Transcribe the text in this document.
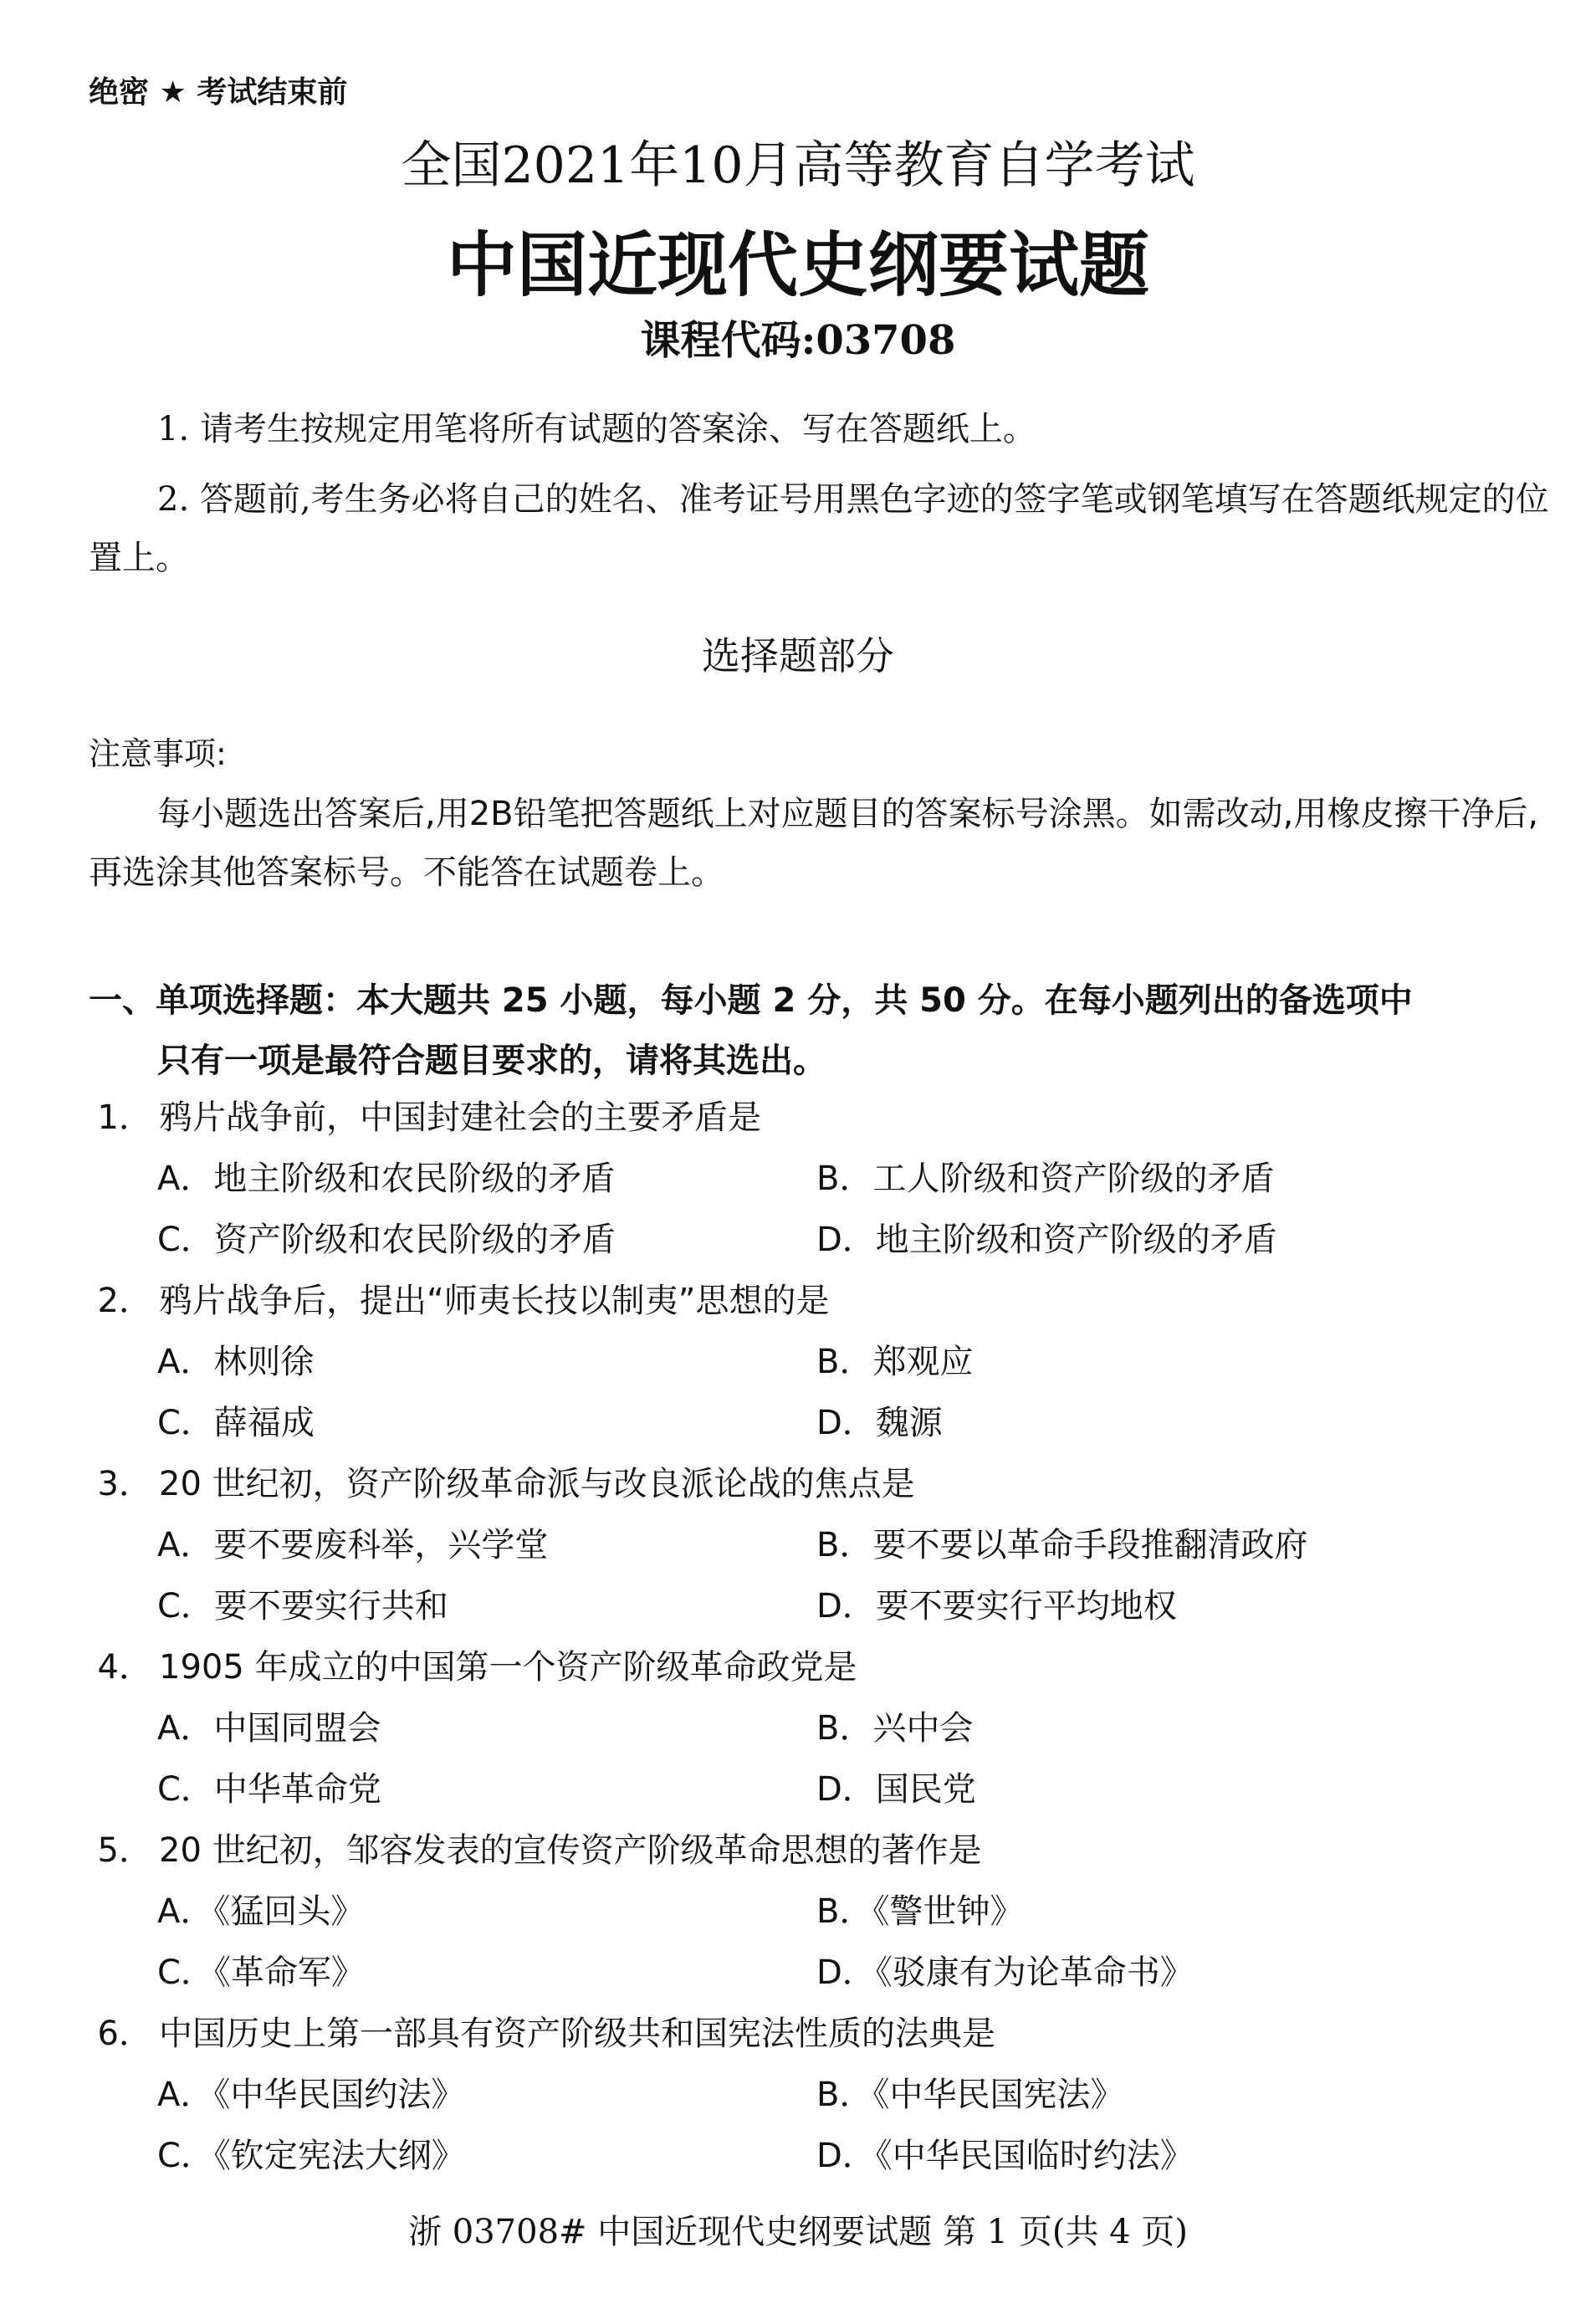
绝密 ★ 考试结束前
全国2021年10月高等教育自学考试
中国近现代史纲要试题
课程代码:03708
1. 请考生按规定用笔将所有试题的答案涂、写在答题纸上。
2. 答题前,考生务必将自己的姓名、准考证号用黑色字迹的签字笔或钢笔填写在答题纸规定的位置上。
选择题部分
注意事项:
每小题选出答案后,用2B铅笔把答题纸上对应题目的答案标号涂黑。如需改动,用橡皮擦干净后,再选涂其他答案标号。不能答在试题卷上。
一、单项选择题：本大题共 25 小题，每小题 2 分，共 50 分。在每小题列出的备选项中
只有一项是最符合题目要求的，请将其选出。
1． 鸦片战争前，中国封建社会的主要矛盾是
A．地主阶级和农民阶级的矛盾	B．工人阶级和资产阶级的矛盾
C．资产阶级和农民阶级的矛盾	D．地主阶级和资产阶级的矛盾
2． 鸦片战争后，提出“师夷长技以制夷”思想的是
A．林则徐	B．郑观应
C．薛福成	D．魏源
3． 20 世纪初，资产阶级革命派与改良派论战的焦点是
A．要不要废科举，兴学堂	B．要不要以革命手段推翻清政府
C．要不要实行共和	D．要不要实行平均地权
4． 1905 年成立的中国第一个资产阶级革命政党是
A．中国同盟会	B．兴中会
C．中华革命党	D．国民党
5． 20 世纪初，邹容发表的宣传资产阶级革命思想的著作是
A．《猛回头》	B．《警世钟》
C．《革命军》	D．《驳康有为论革命书》
6． 中国历史上第一部具有资产阶级共和国宪法性质的法典是
A．《中华民国约法》	B．《中华民国宪法》
C．《钦定宪法大纲》	D．《中华民国临时约法》
浙 03708# 中国近现代史纲要试题 第 1 页(共 4 页)
